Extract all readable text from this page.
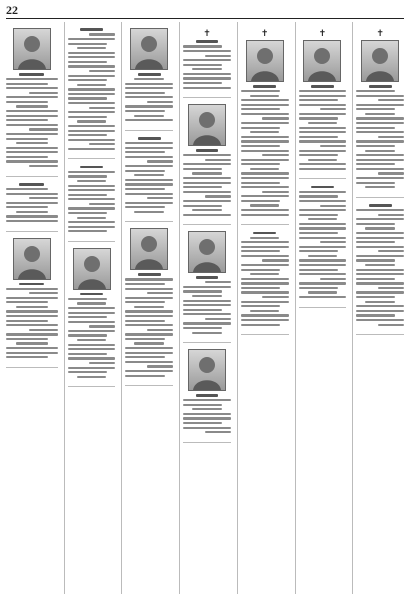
22
✝	✝	✝	✝
